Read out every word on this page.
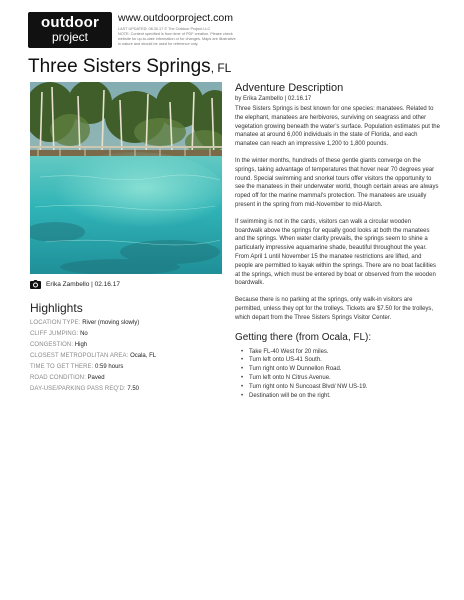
outdoor
project
www.outdoorproject.com
LAST UPDATED: 08.30.17 © The Outdoor Project LLC
NOTE: Content specified is from time of PDF creation. Please check
website for up-to-date information or for changes. Maps are illustrative
in nature and should be used for reference only.
Three Sisters Springs, FL
Erika Zambello | 02.16.17
Highlights
LOCATION TYPE: River (moving slowly)
CLIFF JUMPING: No
CONGESTION: High
CLOSEST METROPOLITAN AREA: Ocala, FL
TIME TO GET THERE: 0:59 hours
ROAD CONDITION: Paved
DAY-USE/PARKING PASS REQ'D: 7.50
Adventure Description
by Erika Zambello | 02.16.17

Three Sisters Springs is best known for one species: manatees. Related to the elephant, manatees are herbivores, surviving on seagrass and other vegetation growing beneath the water’s surface. Population estimates put the manatee at around 6,000 individuals in the state of Florida, and each manatee can reach an impressive 1,200 to 1,800 pounds.

In the winter months, hundreds of these gentle giants converge on the springs, taking advantage of temperatures that hover near 70 degrees year round. Special swimming and snorkel tours offer visitors the opportunity to see the manatees in their underwater world, though certain areas are always roped off for the marine mammal’s protection. The manatees are usually present in the spring from mid-November to mid-March.

If swimming is not in the cards, visitors can walk a circular wooden boardwalk above the springs for equally good looks at both the manatees and the springs. When water clarity prevails, the springs seem to shine a particularly impressive aquamarine shade, beautiful throughout the year. From April 1 until November 15 the manatee restrictions are lifted, and people are permitted to kayak within the springs. There are no boat facilities at the springs, which must be entered by boat or observed from the wooden boardwalk.

Because there is no parking at the springs, only walk-in visitors are permitted, unless they opt for the trolleys. Tickets are $7.50 for the trolleys, which depart from the Three Sisters Springs Visitor Center.

Getting there (from Ocala, FL):
• Take FL-40 West for 20 miles.
• Turn left onto US-41 South.
• Turn right onto W Dunnellon Road.
• Turn left onto N Citrus Avenue.
• Turn right onto N Suncoast Blvd/ NW US-19.
• Destination will be on the right.
